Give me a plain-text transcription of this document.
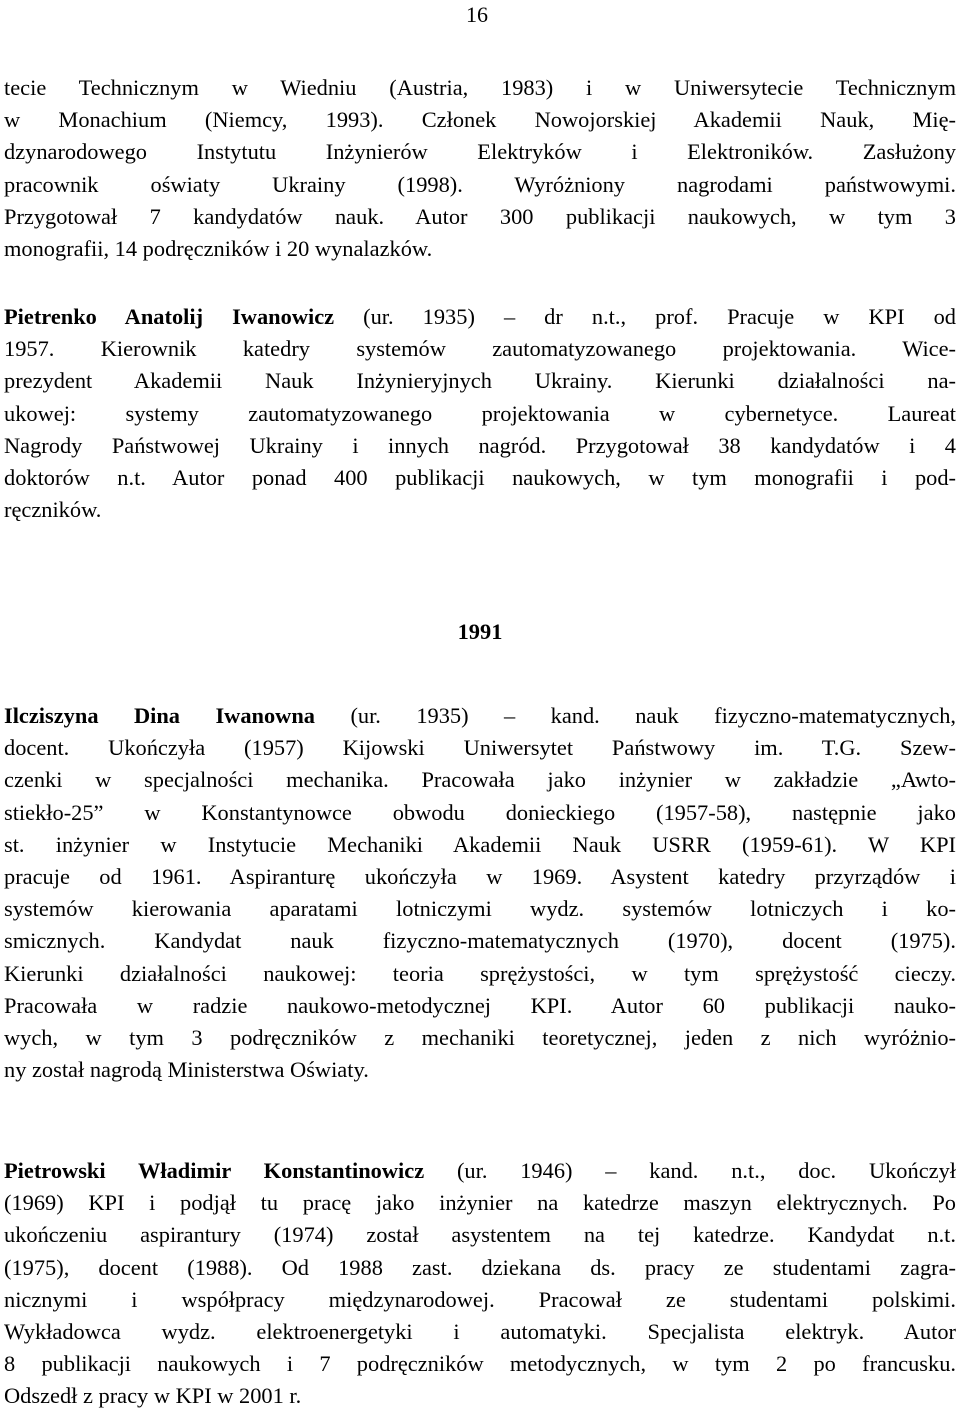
16
tecie Technicznym w Wiedniu (Austria, 1983) i w Uniwersytecie Technicznym
w Monachium (Niemcy, 1993). Członek Nowojorskiej Akademii Nauk, Mię-
dzynarodowego Instytutu Inżynierów Elektryków i Elektroników. Zasłużony
pracownik oświaty Ukrainy (1998). Wyróżniony nagrodami państwowymi.
Przygotował 7 kandydatów nauk. Autor 300 publikacji naukowych, w tym 3
monografii, 14 podręczników i 20 wynalazków.
Pietrenko Anatolij Iwanowicz (ur. 1935) – dr n.t., prof. Pracuje w KPI od
1957. Kierownik katedry systemów zautomatyzowanego projektowania. Wice-
prezydent Akademii Nauk Inżynieryjnych Ukrainy. Kierunki działalności na-
ukowej: systemy zautomatyzowanego projektowania w cybernetyce. Laureat
Nagrody Państwowej Ukrainy i innych nagród. Przygotował 38 kandydatów i 4
doktorów n.t. Autor ponad 400 publikacji naukowych, w tym monografii i pod-
ręczników.
1991
Ilcziszyna Dina Iwanowna (ur. 1935) – kand. nauk fizyczno-matematycznych,
docent. Ukończyła (1957) Kijowski Uniwersytet Państwowy im. T.G. Szew-
czenki w specjalności mechanika. Pracowała jako inżynier w zakładzie „Awto-
stiekło-25” w Konstantynowce obwodu donieckiego (1957-58), następnie jako
st. inżynier w Instytucie Mechaniki Akademii Nauk USRR (1959-61). W KPI
pracuje od 1961. Aspiranturę ukończyła w 1969. Asystent katedry przyrządów i
systemów kierowania aparatami lotniczymi wydz. systemów lotniczych i ko-
smicznych. Kandydat nauk fizyczno-matematycznych (1970), docent (1975).
Kierunki działalności naukowej: teoria sprężystości, w tym sprężystość cieczy.
Pracowała w radzie naukowo-metodycznej KPI. Autor 60 publikacji nauko-
wych, w tym 3 podręczników z mechaniki teoretycznej, jeden z nich wyróżnio-
ny został nagrodą Ministerstwa Oświaty.
Pietrowski Władimir Konstantinowicz (ur. 1946) – kand. n.t., doc. Ukończył
(1969) KPI i podjął tu pracę jako inżynier na katedrze maszyn elektrycznych. Po
ukończeniu aspirantury (1974) został asystentem na tej katedrze. Kandydat n.t.
(1975), docent (1988). Od 1988 zast. dziekana ds. pracy ze studentami zagra-
nicznymi i współpracy międzynarodowej. Pracował ze studentami polskimi.
Wykładowca wydz. elektroenergetyki i automatyki. Specjalista elektryk. Autor
8 publikacji naukowych i 7 podręczników metodycznych, w tym 2 po francusku.
Odszedł z pracy w KPI w 2001 r.
